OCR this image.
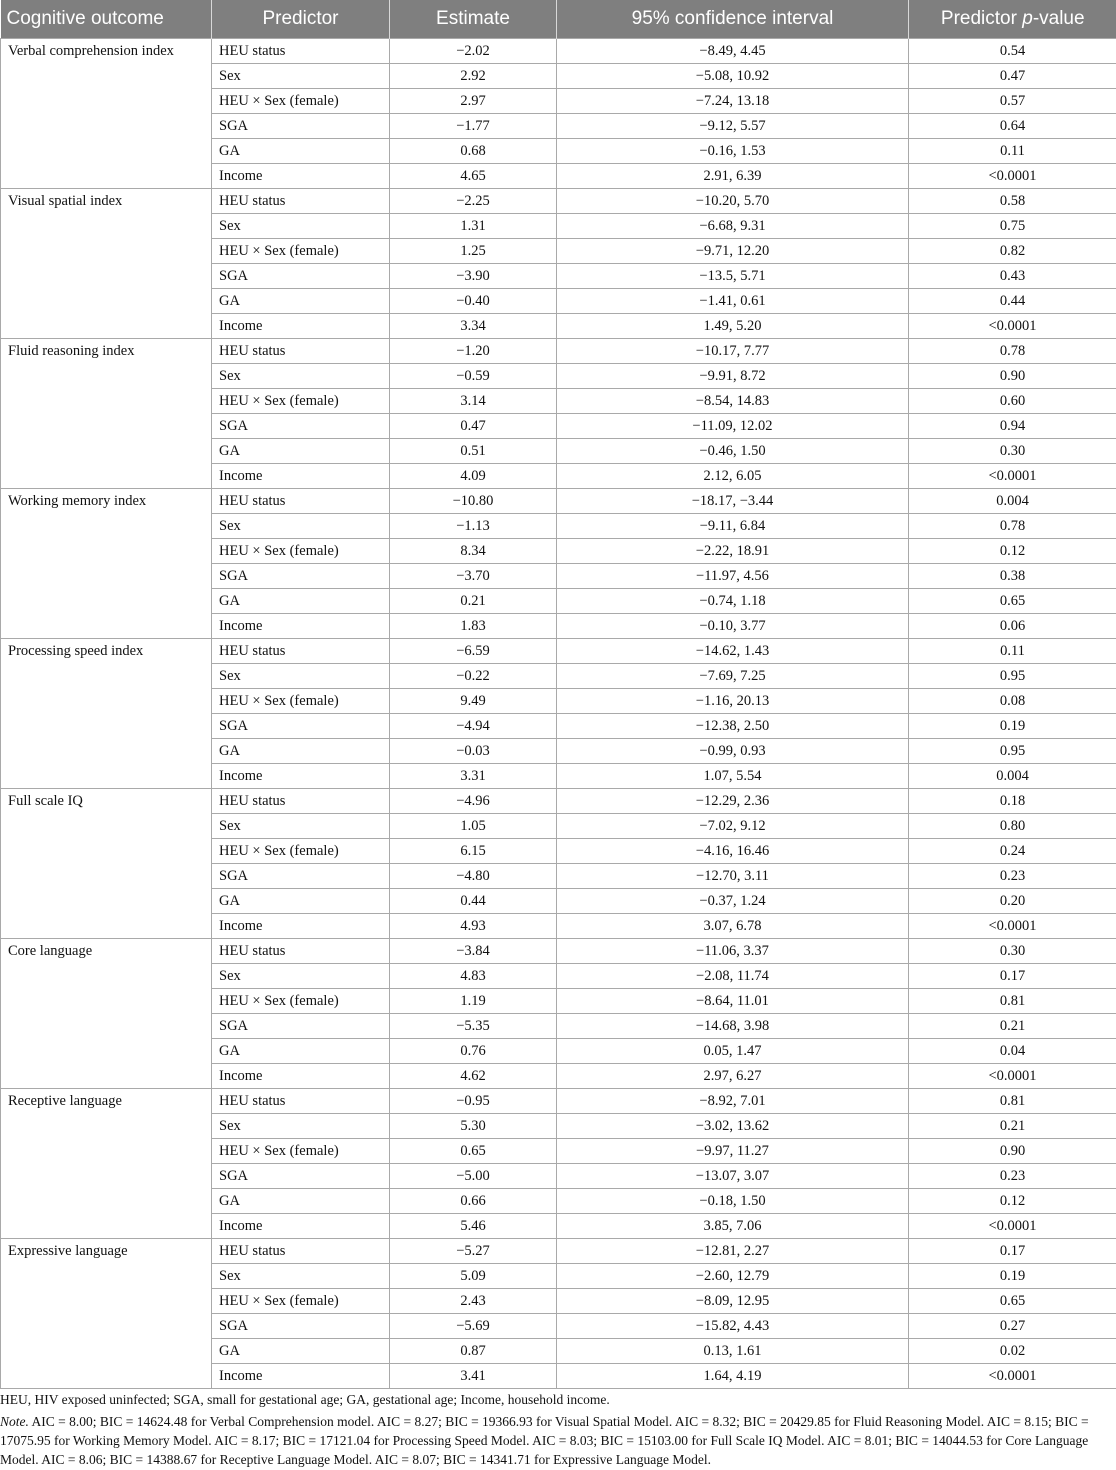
Cognitive outcome	Predictor	Estimate	95% confidence interval	Predictor p-value
Verbal comprehension index	HEU status	−2.02	−8.49, 4.45	0.54
	Sex	2.92	−5.08, 10.92	0.47
	HEU × Sex (female)	2.97	−7.24, 13.18	0.57
	SGA	−1.77	−9.12, 5.57	0.64
	GA	0.68	−0.16, 1.53	0.11
	Income	4.65	2.91, 6.39	<0.0001
Visual spatial index	HEU status	−2.25	−10.20, 5.70	0.58
	Sex	1.31	−6.68, 9.31	0.75
	HEU × Sex (female)	1.25	−9.71, 12.20	0.82
	SGA	−3.90	−13.5, 5.71	0.43
	GA	−0.40	−1.41, 0.61	0.44
	Income	3.34	1.49, 5.20	<0.0001
Fluid reasoning index	HEU status	−1.20	−10.17, 7.77	0.78
	Sex	−0.59	−9.91, 8.72	0.90
	HEU × Sex (female)	3.14	−8.54, 14.83	0.60
	SGA	0.47	−11.09, 12.02	0.94
	GA	0.51	−0.46, 1.50	0.30
	Income	4.09	2.12, 6.05	<0.0001
Working memory index	HEU status	−10.80	−18.17, −3.44	0.004
	Sex	−1.13	−9.11, 6.84	0.78
	HEU × Sex (female)	8.34	−2.22, 18.91	0.12
	SGA	−3.70	−11.97, 4.56	0.38
	GA	0.21	−0.74, 1.18	0.65
	Income	1.83	−0.10, 3.77	0.06
Processing speed index	HEU status	−6.59	−14.62, 1.43	0.11
	Sex	−0.22	−7.69, 7.25	0.95
	HEU × Sex (female)	9.49	−1.16, 20.13	0.08
	SGA	−4.94	−12.38, 2.50	0.19
	GA	−0.03	−0.99, 0.93	0.95
	Income	3.31	1.07, 5.54	0.004
Full scale IQ	HEU status	−4.96	−12.29, 2.36	0.18
	Sex	1.05	−7.02, 9.12	0.80
	HEU × Sex (female)	6.15	−4.16, 16.46	0.24
	SGA	−4.80	−12.70, 3.11	0.23
	GA	0.44	−0.37, 1.24	0.20
	Income	4.93	3.07, 6.78	<0.0001
Core language	HEU status	−3.84	−11.06, 3.37	0.30
	Sex	4.83	−2.08, 11.74	0.17
	HEU × Sex (female)	1.19	−8.64, 11.01	0.81
	SGA	−5.35	−14.68, 3.98	0.21
	GA	0.76	0.05, 1.47	0.04
	Income	4.62	2.97, 6.27	<0.0001
Receptive language	HEU status	−0.95	−8.92, 7.01	0.81
	Sex	5.30	−3.02, 13.62	0.21
	HEU × Sex (female)	0.65	−9.97, 11.27	0.90
	SGA	−5.00	−13.07, 3.07	0.23
	GA	0.66	−0.18, 1.50	0.12
	Income	5.46	3.85, 7.06	<0.0001
Expressive language	HEU status	−5.27	−12.81, 2.27	0.17
	Sex	5.09	−2.60, 12.79	0.19
	HEU × Sex (female)	2.43	−8.09, 12.95	0.65
	SGA	−5.69	−15.82, 4.43	0.27
	GA	0.87	0.13, 1.61	0.02
	Income	3.41	1.64, 4.19	<0.0001

HEU, HIV exposed uninfected; SGA, small for gestational age; GA, gestational age; Income, household income.

Note. AIC = 8.00; BIC = 14624.48 for Verbal Comprehension model. AIC = 8.27; BIC = 19366.93 for Visual Spatial Model. AIC = 8.32; BIC = 20429.85 for Fluid Reasoning Model. AIC = 8.15; BIC = 17075.95 for Working Memory Model. AIC = 8.17; BIC = 17121.04 for Processing Speed Model. AIC = 8.03; BIC = 15103.00 for Full Scale IQ Model. AIC = 8.01; BIC = 14044.53 for Core Language Model. AIC = 8.06; BIC = 14388.67 for Receptive Language Model. AIC = 8.07; BIC = 14341.71 for Expressive Language Model.
